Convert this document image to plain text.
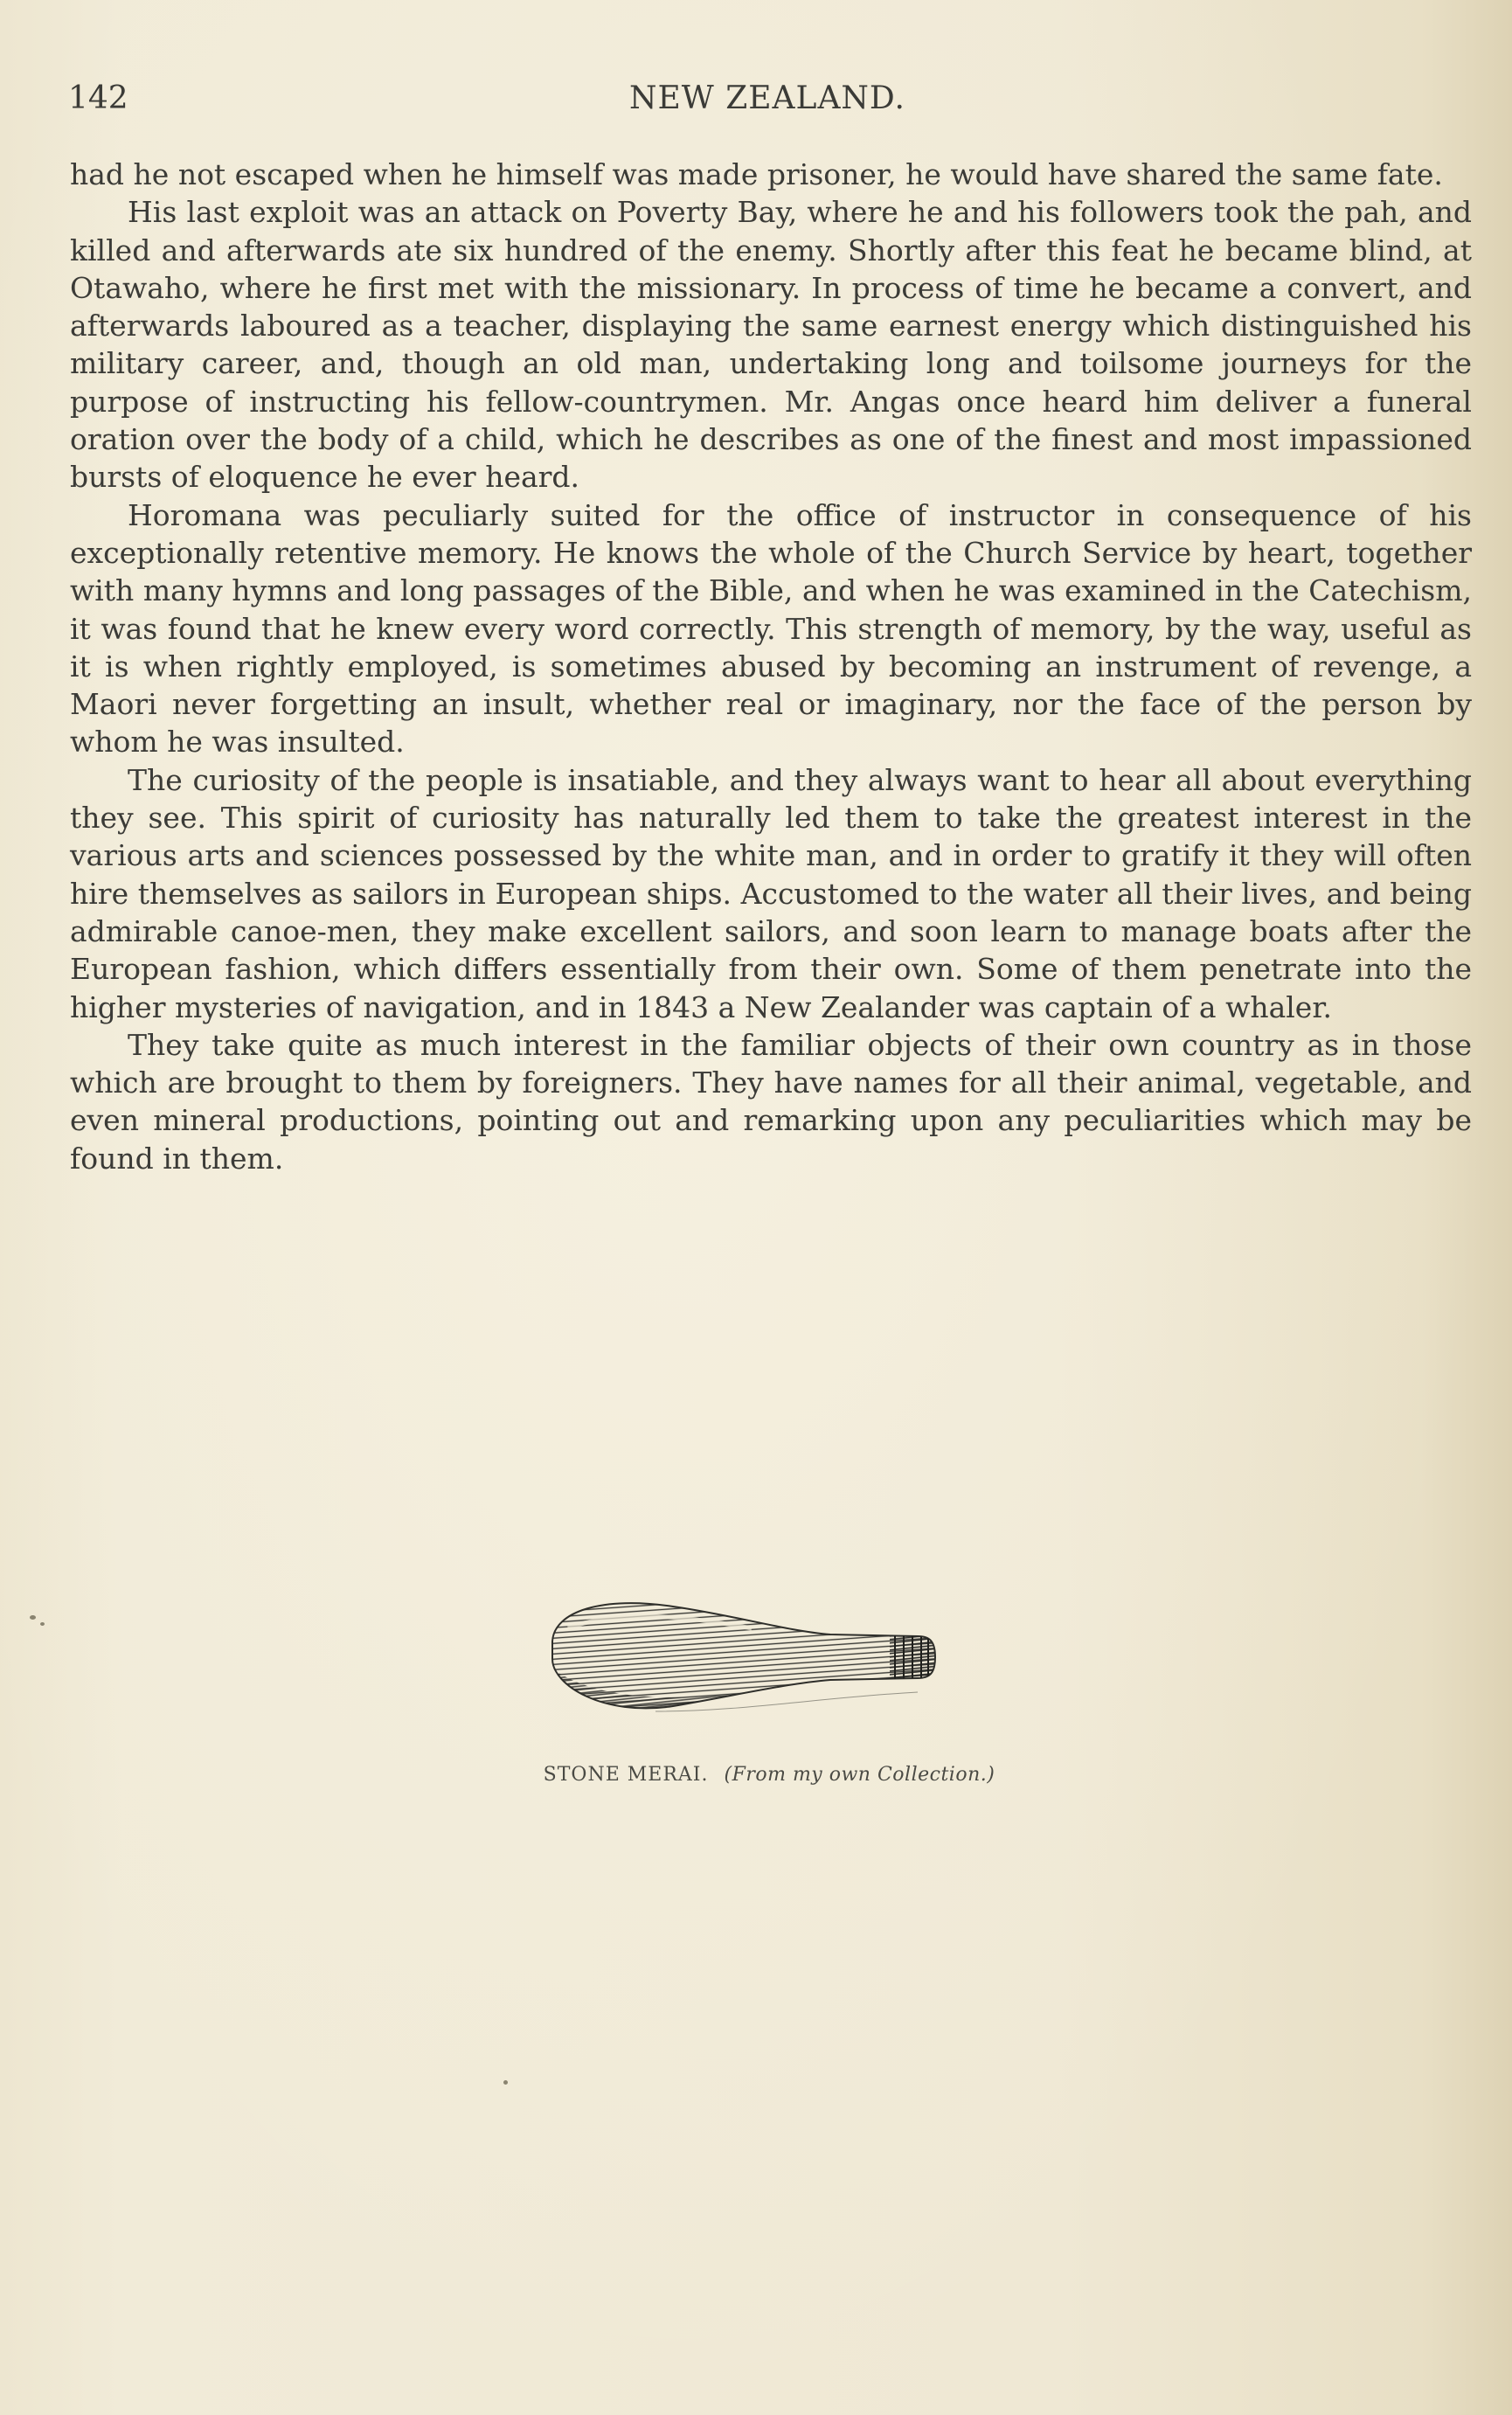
142	NEW ZEALAND.

had he not escaped when he himself was made prisoner, he would have shared the same fate.

His last exploit was an attack on Poverty Bay, where he and his followers took the pah, and killed and afterwards ate six hundred of the enemy. Shortly after this feat he became blind, at Otawaho, where he first met with the missionary. In process of time he became a convert, and afterwards laboured as a teacher, displaying the same earnest energy which distinguished his military career, and, though an old man, undertaking long and toilsome journeys for the purpose of instructing his fellow-countrymen. Mr. Angas once heard him deliver a funeral oration over the body of a child, which he describes as one of the finest and most impassioned bursts of eloquence he ever heard.

Horomana was peculiarly suited for the office of instructor in consequence of his exceptionally retentive memory. He knows the whole of the Church Service by heart, together with many hymns and long passages of the Bible, and when he was examined in the Catechism, it was found that he knew every word correctly. This strength of memory, by the way, useful as it is when rightly employed, is sometimes abused by becoming an instrument of revenge, a Maori never forgetting an insult, whether real or imaginary, nor the face of the person by whom he was insulted.

The curiosity of the people is insatiable, and they always want to hear all about everything they see. This spirit of curiosity has naturally led them to take the greatest interest in the various arts and sciences possessed by the white man, and in order to gratify it they will often hire themselves as sailors in European ships. Accustomed to the water all their lives, and being admirable canoe-men, they make excellent sailors, and soon learn to manage boats after the European fashion, which differs essentially from their own. Some of them penetrate into the higher mysteries of navigation, and in 1843 a New Zealander was captain of a whaler.

They take quite as much interest in the familiar objects of their own country as in those which are brought to them by foreigners. They have names for all their animal, vegetable, and even mineral productions, pointing out and remarking upon any peculiarities which may be found in them.

STONE MERAI. (From my own Collection.)
